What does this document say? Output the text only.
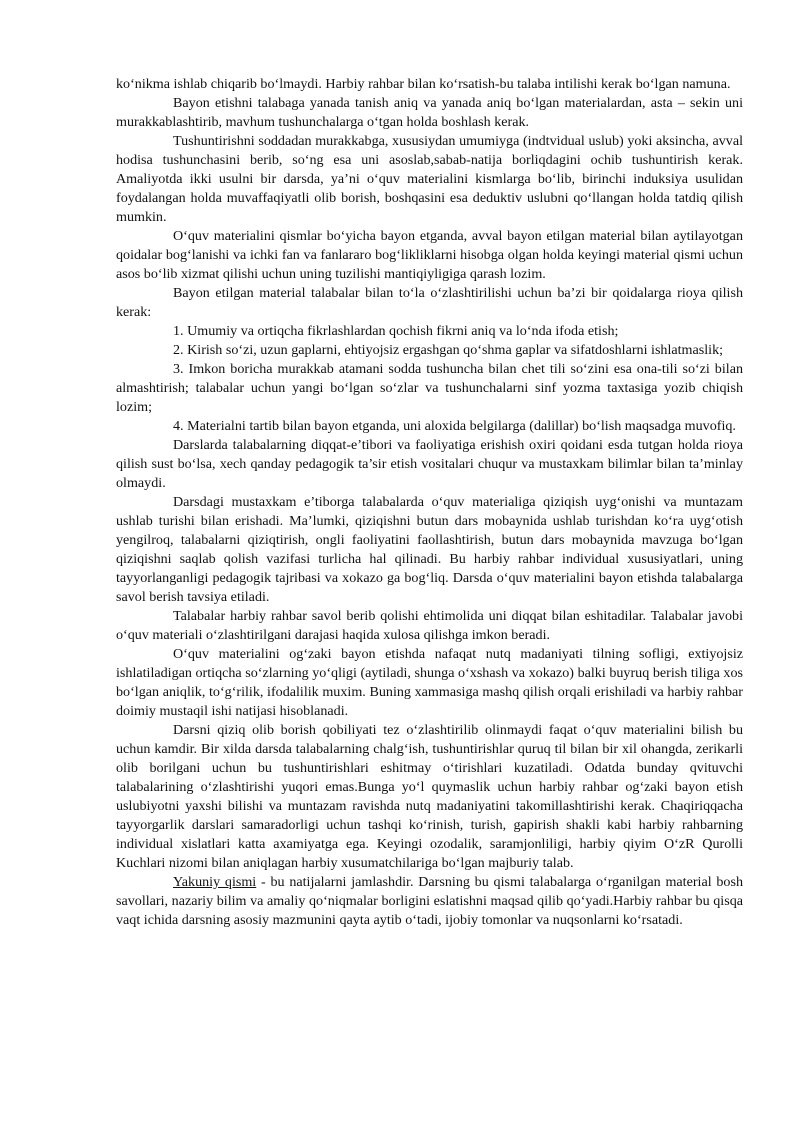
ko‘nikma ishlab chiqarib bo‘lmaydi. Harbiy rahbar bilan ko‘rsatish-bu talaba intilishi kerak bo‘lgan namuna.

Bayon etishni talabaga yanada tanish aniq va yanada aniq bo‘lgan materialardan, asta – sekin uni murakkablashtirib, mavhum tushunchalarga o‘tgan holda boshlash kerak.

Tushuntirishni soddadan murakkabga, xususiydan umumiyga (indtvidual uslub) yoki aksincha, avval hodisa tushunchasini berib, so‘ng esa uni asoslab,sabab-natija borliqdagini ochib tushuntirish kerak. Amaliyotda ikki usulni bir darsda, ya’ni o‘quv materialini kismlarga bo‘lib, birinchi induksiya usulidan foydalangan holda muvaffaqiyatli olib borish, boshqasini esa deduktiv uslubni qo‘llangan holda tatdiq qilish mumkin.

O‘quv materialini qismlar bo‘yicha bayon etganda, avval bayon etilgan material bilan aytilayotgan qoidalar bog‘lanishi va ichki fan va fanlararo bog‘likliklarni hisobga olgan holda keyingi material qismi uchun asos bo‘lib xizmat qilishi uchun uning tuzilishi mantiqiyligiga qarash lozim.

Bayon etilgan material talabalar bilan to‘la o‘zlashtirilishi uchun ba’zi bir qoidalarga rioya qilish kerak:

1. Umumiy va ortiqcha fikrlashlardan qochish fikrni aniq va lo‘nda ifoda etish;

2. Kirish so‘zi, uzun gaplarni, ehtiyojsiz ergashgan qo‘shma gaplar va sifatdoshlarni ishlatmaslik;

3. Imkon boricha murakkab atamani sodda tushuncha bilan chet tili so‘zini esa ona-tili so‘zi bilan almashtirish; talabalar uchun yangi bo‘lgan so‘zlar va tushunchalarni sinf yozma taxtasiga yozib chiqish lozim;

4. Materialni tartib bilan bayon etganda, uni aloxida belgilarga (dalillar) bo‘lish maqsadga muvofiq.

Darslarda talabalarning diqqat-e’tibori va faoliyatiga erishish oxiri qoidani esda tutgan holda rioya qilish sust bo‘lsa, xech qanday pedagogik ta’sir etish vositalari chuqur va mustaxkam bilimlar bilan ta’minlay olmaydi.

Darsdagi mustaxkam e’tiborga talabalarda o‘quv materialiga qiziqish uyg‘onishi va muntazam ushlab turishi bilan erishadi. Ma’lumki, qiziqishni butun dars mobaynida ushlab turishdan ko‘ra uyg‘otish yengilroq, talabalarni qiziqtirish, ongli faoliyatini faollashtirish, butun dars mobaynida mavzuga bo‘lgan qiziqishni saqlab qolish vazifasi turlicha hal qilinadi. Bu harbiy rahbar individual xususiyatlari, uning tayyorlanganligi pedagogik tajribasi va xokazo ga bog‘liq. Darsda o‘quv materialini bayon etishda talabalarga savol berish tavsiya etiladi.

Talabalar harbiy rahbar savol berib qolishi ehtimolida uni diqqat bilan eshitadilar. Talabalar javobi o‘quv materiali o‘zlashtirilgani darajasi haqida xulosa qilishga imkon beradi.

O‘quv materialini og‘zaki bayon etishda nafaqat nutq madaniyati tilning sofligi, extiyojsiz ishlatiladigan ortiqcha so‘zlarning yo‘qligi (aytiladi, shunga o‘xshash va xokazo) balki buyruq berish tiliga xos bo‘lgan aniqlik, to‘g‘rilik, ifodalilik muxim. Buning xammasiga mashq qilish orqali erishiladi va harbiy rahbar doimiy mustaqil ishi natijasi hisoblanadi.

Darsni qiziq olib borish qobiliyati tez o‘zlashtirilib olinmaydi faqat o‘quv materialini bilish bu uchun kamdir. Bir xilda darsda talabalarning chalg‘ish, tushuntirishlar quruq til bilan bir xil ohangda, zerikarli olib borilgani uchun bu tushuntirishlari eshitmay o‘tirishlari kuzatiladi. Odatda bunday qvituvchi talabalarining o‘zlashtirishi yuqori emas.Bunga yo‘l quymaslik uchun harbiy rahbar og‘zaki bayon etish uslubiyotni yaxshi bilishi va muntazam ravishda nutq madaniyatini takomillashtirishi kerak. Chaqiriqqacha tayyorgarlik darslari samaradorligi uchun tashqi ko‘rinish, turish, gapirish shakli kabi harbiy rahbarning individual xislatlari katta axamiyatga ega. Keyingi ozodalik, saramjonliligi, harbiy qiyim O‘zR Qurolli Kuchlari nizomi bilan aniqlagan harbiy xusumatchilariga bo‘lgan majburiy talab.

Yakuniy qismi - bu natijalarni jamlashdir. Darsning bu qismi talabalarga o‘rganilgan material bosh savollari, nazariy bilim va amaliy qo‘niqmalar borligini eslatishni maqsad qilib qo‘yadi.Harbiy rahbar bu qisqa vaqt ichida darsning asosiy mazmunini qayta aytib o‘tadi, ijobiy tomonlar va nuqsonlarni ko‘rsatadi.
